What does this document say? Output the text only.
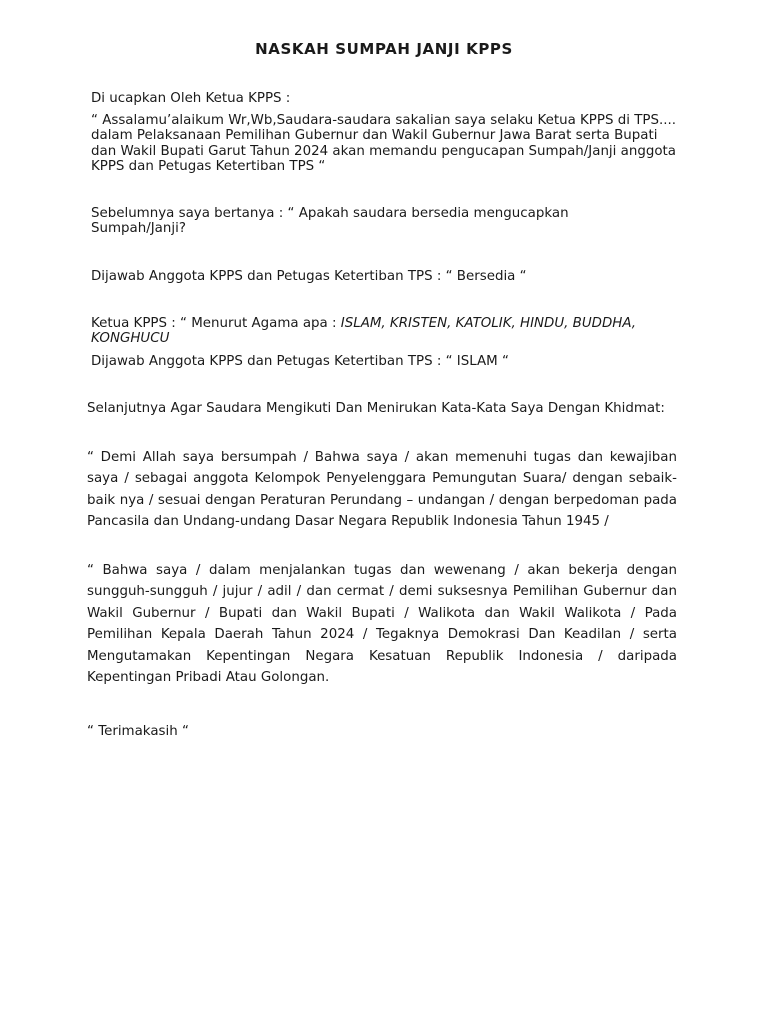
NASKAH SUMPAH JANJI KPPS
Di ucapkan Oleh Ketua KPPS :
“ Assalamu’alaikum Wr,Wb,Saudara-saudara sakalian saya selaku Ketua KPPS di TPS.... dalam Pelaksanaan Pemilihan Gubernur dan Wakil Gubernur Jawa Barat serta Bupati dan Wakil Bupati Garut Tahun 2024 akan memandu pengucapan Sumpah/Janji anggota KPPS dan Petugas Ketertiban TPS “
Sebelumnya saya bertanya : “ Apakah saudara bersedia mengucapkan Sumpah/Janji?
Dijawab Anggota KPPS dan Petugas Ketertiban TPS : “ Bersedia “
Ketua KPPS : “ Menurut Agama apa : ISLAM, KRISTEN, KATOLIK, HINDU, BUDDHA, KONGHUCU
Dijawab Anggota KPPS dan Petugas Ketertiban TPS : “ ISLAM “
Selanjutnya Agar Saudara Mengikuti Dan Menirukan Kata-Kata Saya Dengan Khidmat:
“ Demi Allah saya bersumpah / Bahwa saya / akan memenuhi tugas dan kewajiban saya / sebagai anggota Kelompok Penyelenggara Pemungutan Suara/ dengan sebaik-baik nya / sesuai dengan Peraturan Perundang – undangan / dengan berpedoman pada Pancasila dan Undang-undang Dasar Negara Republik Indonesia Tahun 1945 /
“ Bahwa saya / dalam menjalankan tugas dan wewenang / akan bekerja dengan sungguh-sungguh / jujur / adil / dan cermat / demi suksesnya Pemilihan Gubernur dan Wakil Gubernur / Bupati dan Wakil Bupati / Walikota dan Wakil Walikota / Pada Pemilihan Kepala Daerah Tahun 2024 / Tegaknya Demokrasi Dan Keadilan / serta Mengutamakan Kepentingan Negara Kesatuan Republik Indonesia / daripada Kepentingan Pribadi Atau Golongan.
“ Terimakasih “
